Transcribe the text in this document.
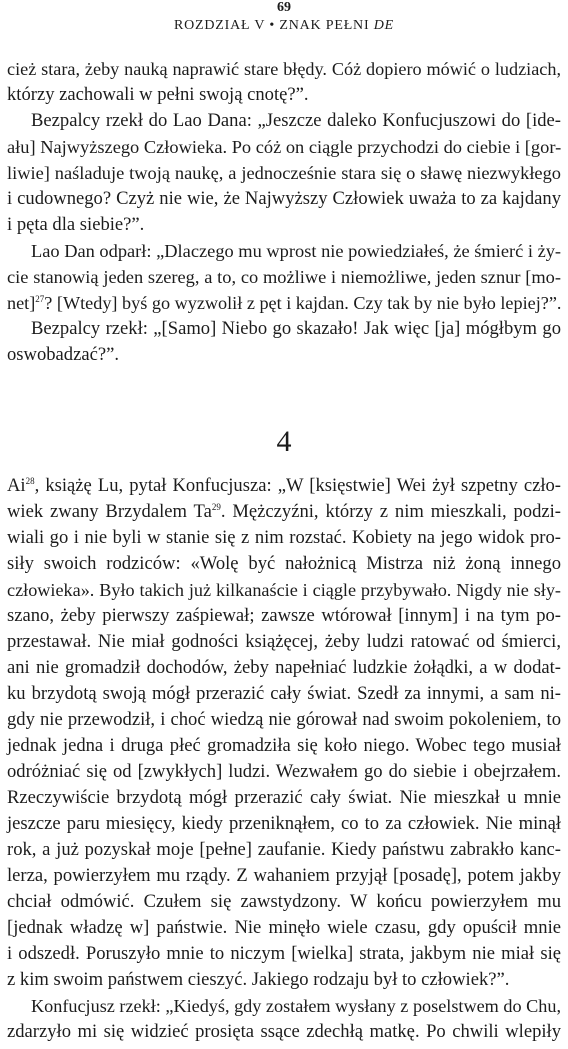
69
ROZDZIAŁ V • ZNAK PEŁNI DE
cież stara, żeby nauką naprawić stare błędy. Cóż dopiero mówić o ludziach,
którzy zachowali w pełni swoją cnotę?”.
Bezpalcy rzekł do Lao Dana: „Jeszcze daleko Konfucjuszowi do [ide-
ału] Najwyższego Człowieka. Po cóż on ciągle przychodzi do ciebie i [gor-
liwie] naśladuje twoją naukę, a jednocześnie stara się o sławę niezwykłego
i cudownego? Czyż nie wie, że Najwyższy Człowiek uważa to za kajdany
i pęta dla siebie?”.
Lao Dan odparł: „Dlaczego mu wprost nie powiedziałeś, że śmierć i ży-
cie stanowią jeden szereg, a to, co możliwe i niemożliwe, jeden sznur [mo-
net]$^{27}$? [Wtedy] byś go wyzwolił z pęt i kajdan. Czy tak by nie było lepiej?”.
Bezpalcy rzekł: „[Samo] Niebo go skazało! Jak więc [ja] mógłbym go
oswobadzać?”.
4
Ai$^{28}$, książę Lu, pytał Konfucjusza: „W [księstwie] Wei żył szpetny czło-
wiek zwany Brzydalem Ta$^{29}$. Mężczyźni, którzy z nim mieszkali, podzi-
wiali go i nie byli w stanie się z nim rozstać. Kobiety na jego widok pro-
siły swoich rodziców: «Wolę być nałożnicą Mistrza niż żoną innego
człowieka». Było takich już kilkanaście i ciągle przybywało. Nigdy nie sły-
szano, żeby pierwszy zaśpiewał; zawsze wtórował [innym] i na tym po-
przestawał. Nie miał godności książęcej, żeby ludzi ratować od śmierci,
ani nie gromadził dochodów, żeby napełniać ludzkie żołądki, a w dodat-
ku brzydotą swoją mógł przerazić cały świat. Szedł za innymi, a sam ni-
gdy nie przewodził, i choć wiedzą nie górował nad swoim pokoleniem, to
jednak jedna i druga płeć gromadziła się koło niego. Wobec tego musiał
odróżniać się od [zwykłych] ludzi. Wezwałem go do siebie i obejrzałem.
Rzeczywiście brzydotą mógł przerazić cały świat. Nie mieszkał u mnie
jeszcze paru miesięcy, kiedy przeniknąłem, co to za człowiek. Nie minął
rok, a już pozyskał moje [pełne] zaufanie. Kiedy państwu zabrakło kanc-
lerza, powierzyłem mu rządy. Z wahaniem przyjął [posadę], potem jakby
chciał odmówić. Czułem się zawstydzony. W końcu powierzyłem mu
[jednak władzę w] państwie. Nie minęło wiele czasu, gdy opuścił mnie
i odszedł. Poruszyło mnie to niczym [wielka] strata, jakbym nie miał się
z kim swoim państwem cieszyć. Jakiego rodzaju był to człowiek?”.
Konfucjusz rzekł: „Kiedyś, gdy zostałem wysłany z poselstwem do Chu,
zdarzyło mi się widzieć prosięta ssące zdechłą matkę. Po chwili wlepiły
